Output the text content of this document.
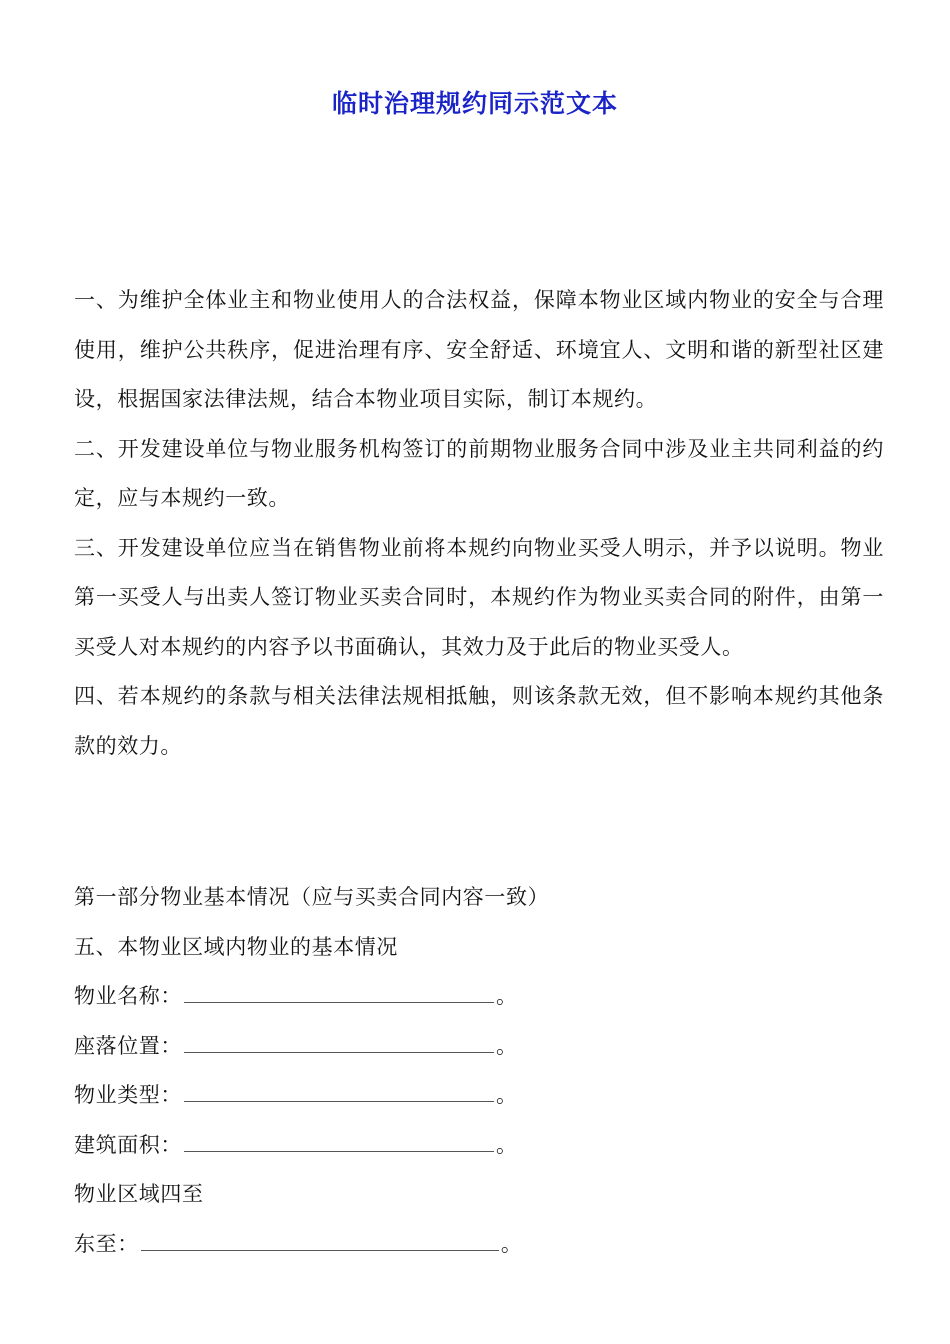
临时治理规约同示范文本

一、为维护全体业主和物业使用人的合法权益，保障本物业区域内物业的安全与合理使用，维护公共秩序，促进治理有序、安全舒适、环境宜人、文明和谐的新型社区建设，根据国家法律法规，结合本物业项目实际，制订本规约。

二、开发建设单位与物业服务机构签订的前期物业服务合同中涉及业主共同利益的约定，应与本规约一致。

三、开发建设单位应当在销售物业前将本规约向物业买受人明示，并予以说明。物业第一买受人与出卖人签订物业买卖合同时，本规约作为物业买卖合同的附件，由第一买受人对本规约的内容予以书面确认，其效力及于此后的物业买受人。

四、若本规约的条款与相关法律法规相抵触，则该条款无效，但不影响本规约其他条款的效力。

第一部分物业基本情况（应与买卖合同内容一致）
五、本物业区域内物业的基本情况
物业名称：	。
座落位置：	。
物业类型：	。
建筑面积：	。
物业区域四至
东至：	。
